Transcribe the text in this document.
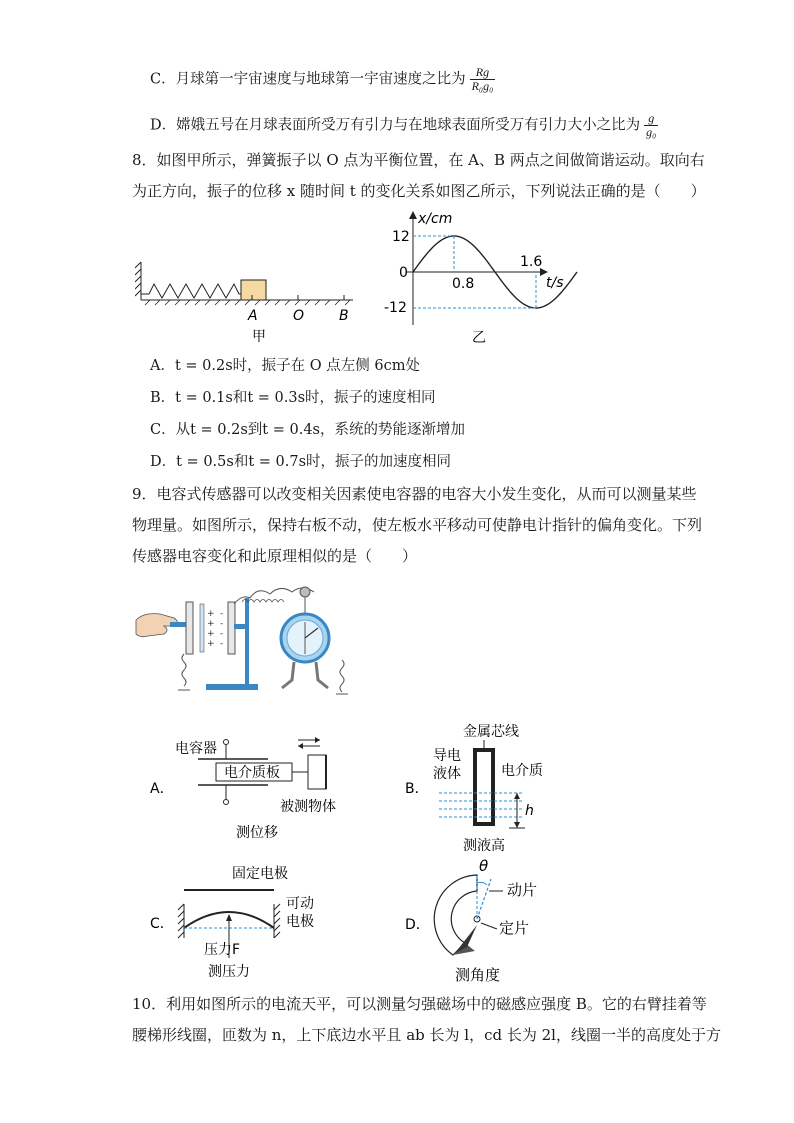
C．月球第一宇宙速度与地球第一宇宙速度之比为 $\frac{Rg}{\text{R₀g₀}}$
D．嫦娥五号在月球表面所受万有引力与在地球表面所受万有引力大小之比为 $\frac{g}{\text{g₀}}$
8．如图甲所示，弹簧振子以 O 点为平衡位置，在 A、B 两点之间做简谐运动。取向右
为正方向，振子的位移 x 随时间 t 的变化关系如图乙所示，下列说法正确的是（　　）
A	O B
甲
x/cm
t/s
12
0
-12
0.8
1.6
乙
A．t = 0.2s时，振子在 O 点左侧 6cm处
B．t = 0.1s和t = 0.3s时，振子的速度相同
C．从t = 0.2s到t = 0.4s，系统的势能逐渐增加
D．t = 0.5s和t = 0.7s时，振子的加速度相同
9．电容式传感器可以改变相关因素使电容器的电容大小发生变化，从而可以测量某些
物理量。如图所示，保持右板不动，使左板水平移动可使静电计指针的偏角变化。下列
传感器电容变化和此原理相似的是（　　）
+
+
+
+
-
-
-
-
A．
电容器
电介质板
被测物体
测位移
B．
金属芯线
导电
液体	电介质
h
测液高
C．
固定电极
可动
电极
压力F
测压力
D．
θ
动片
定片
测角度
10．利用如图所示的电流天平，可以测量匀强磁场中的磁感应强度 B。它的右臂挂着等
腰梯形线圈，匝数为 n，上下底边水平且 ab 长为 l，cd 长为 2l，线圈一半的高度处于方
